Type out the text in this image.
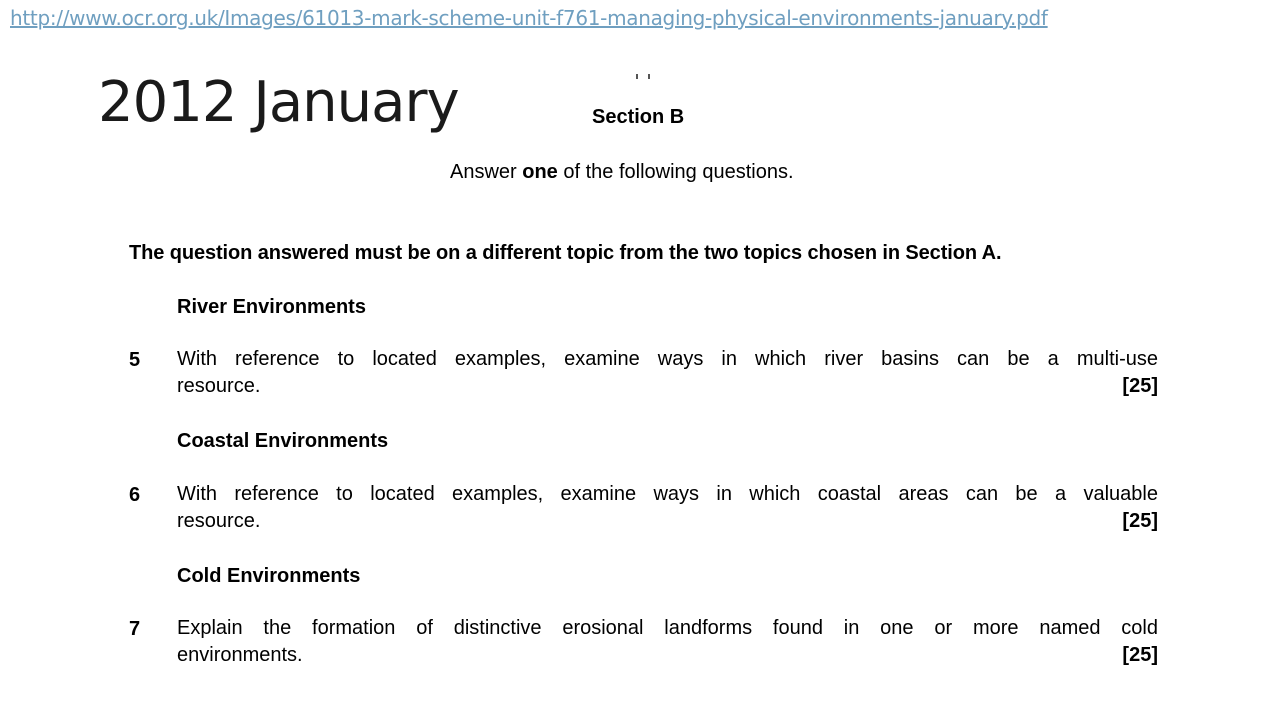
http://www.ocr.org.uk/Images/61013-mark-scheme-unit-f761-managing-physical-environments-january.pdf
2012 January	Section B
Answer one of the following questions.
The question answered must be on a different topic from the two topics chosen in Section A.
River Environments
5 With reference to located examples, examine ways in which river basins can be a multi-use
resource.	[25]
Coastal Environments
6 With reference to located examples, examine ways in which coastal areas can be a valuable
resource.	[25]
Cold Environments
7 Explain the formation of distinctive erosional landforms found in one or more named cold
environments.	[25]
